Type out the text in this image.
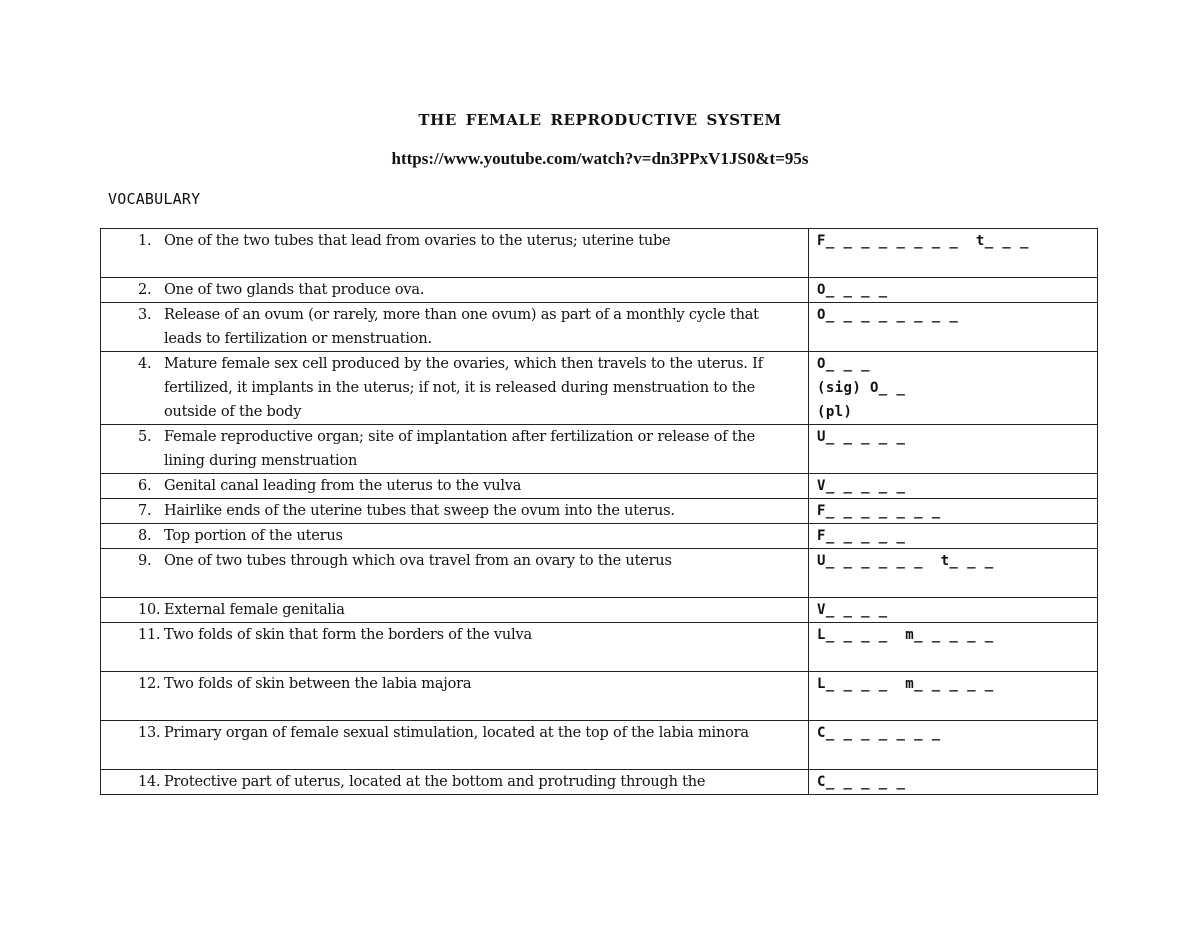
THE FEMALE REPRODUCTIVE SYSTEM
https://www.youtube.com/watch?v=dn3PPxV1JS0&t=95s
VOCABULARY
1. One of the two tubes that lead from ovaries to the uterus; uterine tube	F_ _ _ _ _ _ _ _  t_ _ _

2. One of two glands that produce ova.	O_ _ _ _

3. Release of an ovum (or rarely, more than one ovum) as part of a monthly cycle that leads to fertilization or menstruation.	O_ _ _ _ _ _ _ _

4. Mature female sex cell produced by the ovaries, which then travels to the uterus. If fertilized, it implants in the uterus; if not, it is released during menstruation to the outside of the body	O_ _ _
(sig) O_ _
(pl)

5. Female reproductive organ; site of implantation after fertilization or release of the lining during menstruation	U_ _ _ _ _

6. Genital canal leading from the uterus to the vulva	V_ _ _ _ _

7. Hairlike ends of the uterine tubes that sweep the ovum into the uterus.	F_ _ _ _ _ _ _

8. Top portion of the uterus	F_ _ _ _ _

9. One of two tubes through which ova travel from an ovary to the uterus	U_ _ _ _ _ _  t_ _ _

10. External female genitalia	V_ _ _ _

11. Two folds of skin that form the borders of the vulva	L_ _ _ _  m_ _ _ _ _

12. Two folds of skin between the labia majora	L_ _ _ _  m_ _ _ _ _

13. Primary organ of female sexual stimulation, located at the top of the labia minora	C_ _ _ _ _ _ _

14. Protective part of uterus, located at the bottom and protruding through the	C_ _ _ _ _
